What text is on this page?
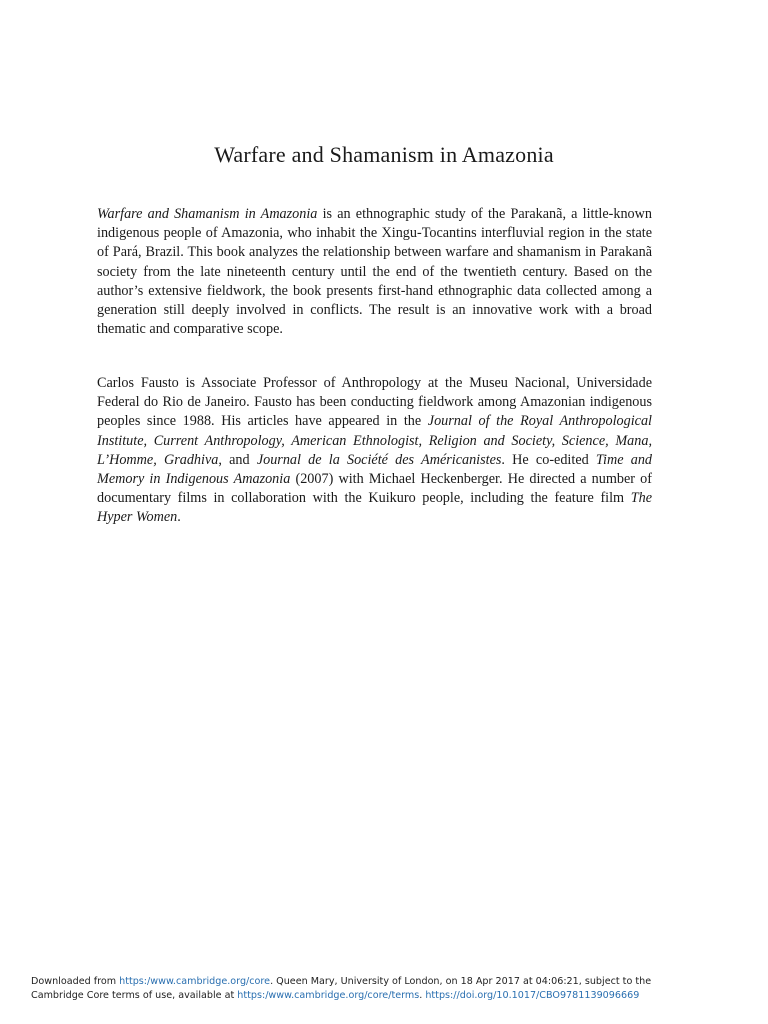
Warfare and Shamanism in Amazonia

Warfare and Shamanism in Amazonia is an ethnographic study of the Parakanã, a little-known indigenous people of Amazonia, who inhabit the Xingu-Tocantins interfluvial region in the state of Pará, Brazil. This book analyzes the relationship between warfare and shamanism in Parakanã society from the late nineteenth century until the end of the twentieth century. Based on the author’s extensive fieldwork, the book presents first-hand ethnographic data collected among a generation still deeply involved in conflicts. The result is an innovative work with a broad thematic and comparative scope.

Carlos Fausto is Associate Professor of Anthropology at the Museu Nacional, Universidade Federal do Rio de Janeiro. Fausto has been conducting fieldwork among Amazonian indigenous peoples since 1988. His articles have appeared in the Journal of the Royal Anthropological Institute, Current Anthropology, American Ethnologist, Religion and Society, Science, Mana, L’Homme, Gradhiva, and Journal de la Société des Américanistes. He co-edited Time and Memory in Indigenous Amazonia (2007) with Michael Heckenberger. He directed a number of documentary films in collaboration with the Kuikuro people, including the feature film The Hyper Women.

Downloaded from https:/www.cambridge.org/core. Queen Mary, University of London, on 18 Apr 2017 at 04:06:21, subject to the
Cambridge Core terms of use, available at https:/www.cambridge.org/core/terms. https://doi.org/10.1017/CBO9781139096669
